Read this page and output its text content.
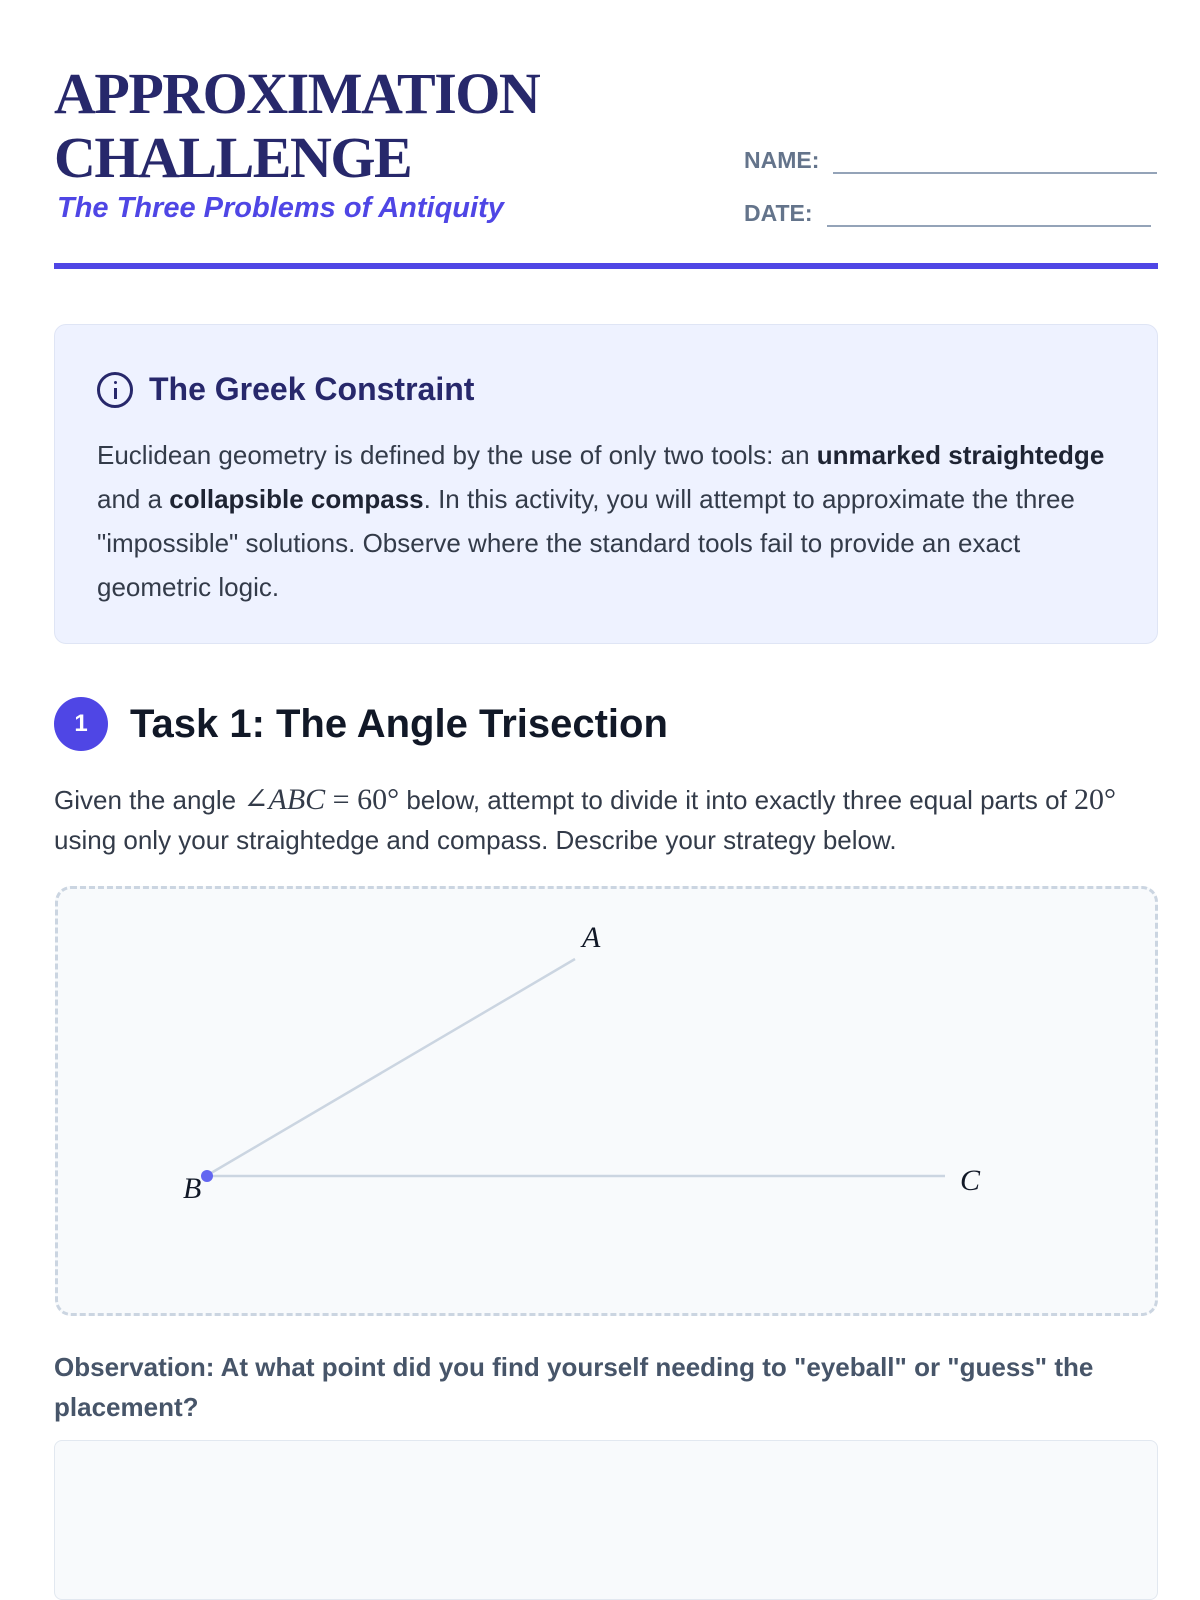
APPROXIMATION
CHALLENGE
The Three Problems of Antiquity
NAME:
DATE:
The Greek Constraint

Euclidean geometry is defined by the use of only two tools: an unmarked straightedge and a collapsible compass. In this activity, you will attempt to approximate the three "impossible" solutions. Observe where the standard tools fail to provide an exact geometric logic.

1	Task 1: The Angle Trisection

Given the angle ∠ABC = 60° below, attempt to divide it into exactly three equal parts of 20° using only your straightedge and compass. Describe your strategy below.

A
B	C

Observation: At what point did you find yourself needing to "eyeball" or "guess" the placement?
